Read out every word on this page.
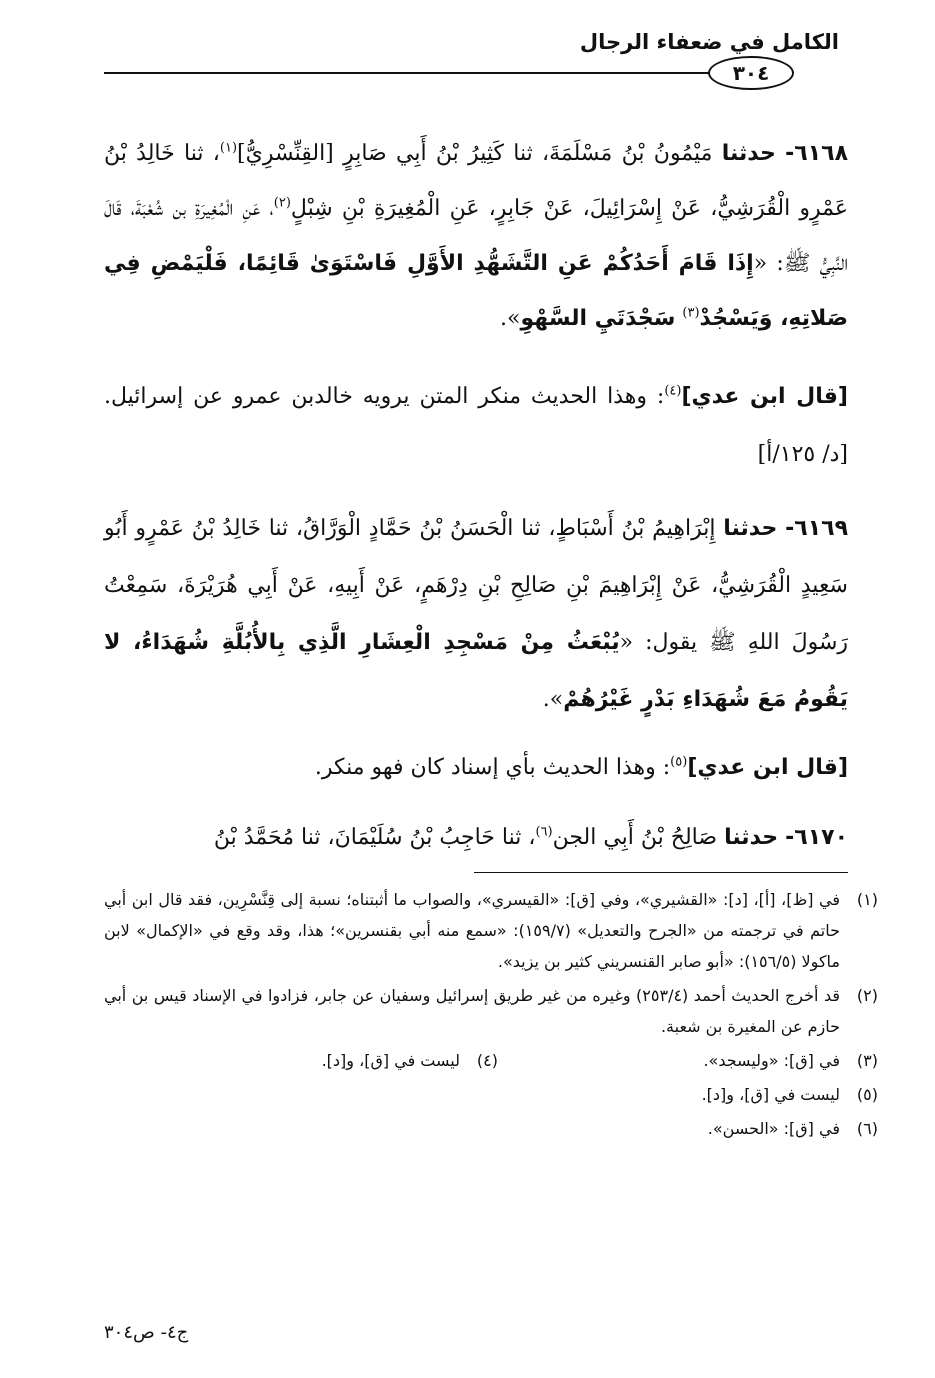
الكامل في ضعفاء الرجال
٣٠٤

٦١٦٨- حدثنا مَيْمُونُ بْنُ مَسْلَمَةَ، ثنا كَثِيرُ بْنُ أَبِي صَابِرٍ [القِنِّسْرِيُّ]$^{(١)}$، ثنا خَالِدُ بْنُ عَمْرٍو الْقُرَشِيُّ، عَنْ إِسْرَائِيلَ، عَنْ جَابِرٍ، عَنِ الْمُغِيرَةِ بْنِ شِبْلٍ$^{(٢)}$، عَنِ الْمُغِيرَةِ بن شُعْبَةَ، قَالَ النَّبِيُّ ﷺ: «إِذَا قَامَ أَحَدُكُمْ عَنِ التَّشَهُّدِ الأَوَّلِ فَاسْتَوَىٰ قَائِمًا، فَلْيَمْضِ فِي صَلاتِهِ، وَيَسْجُدْ$^{(٣)}$ سَجْدَتَيِ السَّهْوِ».

[قال ابن عدي]$^{(٤)}$: وهذا الحديث منكر المتن يرويه خالدبن عمرو عن إسرائيل. [د/ ١٢٥/أ]

٦١٦٩- حدثنا إِبْرَاهِيمُ بْنُ أَسْبَاطٍ، ثنا الْحَسَنُ بْنُ حَمَّادٍ الْوَرَّاقُ، ثنا خَالِدُ بْنُ عَمْرٍو أَبُو سَعِيدٍ الْقُرَشِيُّ، عَنْ إِبْرَاهِيمَ بْنِ صَالِحِ بْنِ دِرْهَمٍ، عَنْ أَبِيهِ، عَنْ أَبِي هُرَيْرَةَ، سَمِعْتُ رَسُولَ اللهِ ﷺ يقول: «يُبْعَثُ مِنْ مَسْجِدِ الْعِشَارِ الَّذِي بِالأُبُلَّةِ شُهَدَاءُ، لا يَقُومُ مَعَ شُهَدَاءِ بَدْرٍ غَيْرُهُمْ».

[قال ابن عدي]$^{(٥)}$: وهذا الحديث بأي إسناد كان فهو منكر.

٦١٧٠- حدثنا صَالِحُ بْنُ أَبِي الجن$^{(٦)}$، ثنا حَاجِبُ بْنُ سُلَيْمَانَ، ثنا مُحَمَّدُ بْنُ

(١)
في [ظ]، [أ]، [د]: «القشيري»، وفي [ق]: «القيسري»، والصواب ما أثبتناه؛ نسبة إلى قِنَّسْرِين، فقد قال ابن أبي حاتم في ترجمته من «الجرح والتعديل» (١٥٩/٧): «سمع منه أبي بقنسرين»؛ هذا، وقد وقع في «الإكمال» لابن ماكولا (١٥٦/٥): «أبو صابر القنسريني كثير بن يزيد».
(٢)
قد أخرج الحديث أحمد (٢٥٣/٤) وغيره من غير طريق إسرائيل وسفيان عن جابر، فزادوا في الإسناد قيس بن أبي حازم عن المغيرة بن شعبة.
(٣)
في [ق]: «وليسجد».
(٤)
ليست في [ق]، و[د].
(٥)
ليست في [ق]، و[د].
(٦)
في [ق]: «الحسن».
ج٤- ص٣٠٤
